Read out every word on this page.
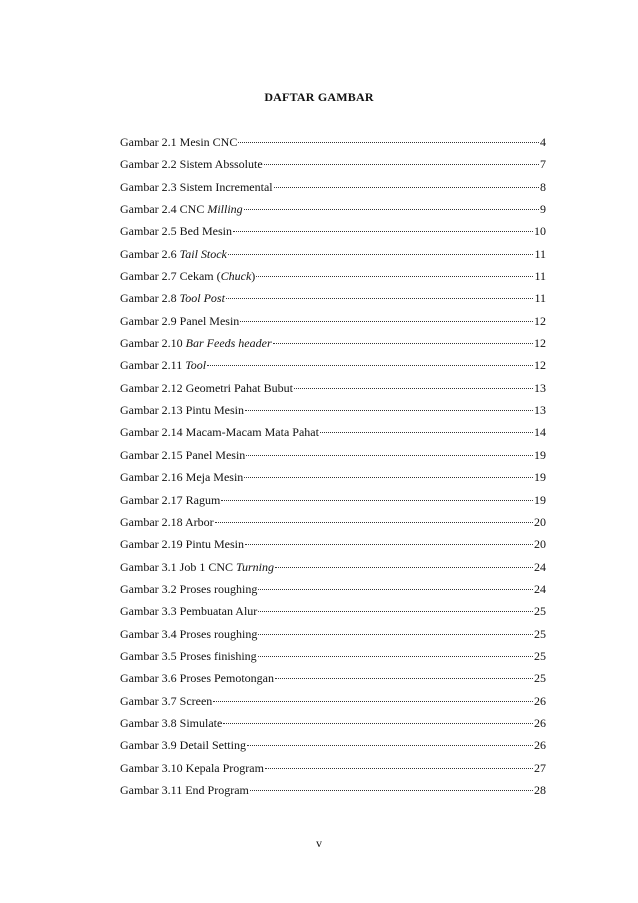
DAFTAR GAMBAR
Gambar 2.1 Mesin CNC	4
Gambar 2.2 Sistem Abssolute	7
Gambar 2.3 Sistem Incremental	8
Gambar 2.4 CNC Milling	9
Gambar 2.5 Bed Mesin	10
Gambar 2.6 Tail Stock	11
Gambar 2.7 Cekam (Chuck)	11
Gambar 2.8 Tool Post	11
Gambar 2.9 Panel Mesin	12
Gambar 2.10 Bar Feeds header	12
Gambar 2.11 Tool	12
Gambar 2.12 Geometri Pahat Bubut	13
Gambar 2.13 Pintu Mesin	13
Gambar 2.14 Macam-Macam Mata Pahat	14
Gambar 2.15 Panel Mesin	19
Gambar 2.16 Meja Mesin	19
Gambar 2.17 Ragum	19
Gambar 2.18 Arbor	20
Gambar 2.19 Pintu Mesin	20
Gambar 3.1 Job 1 CNC Turning	24
Gambar 3.2 Proses roughing	24
Gambar 3.3 Pembuatan Alur	25
Gambar 3.4 Proses roughing	25
Gambar 3.5 Proses finishing	25
Gambar 3.6 Proses Pemotongan	25
Gambar 3.7 Screen	26
Gambar 3.8 Simulate	26
Gambar 3.9 Detail Setting	26
Gambar 3.10 Kepala Program	27
Gambar 3.11 End Program	28
v
